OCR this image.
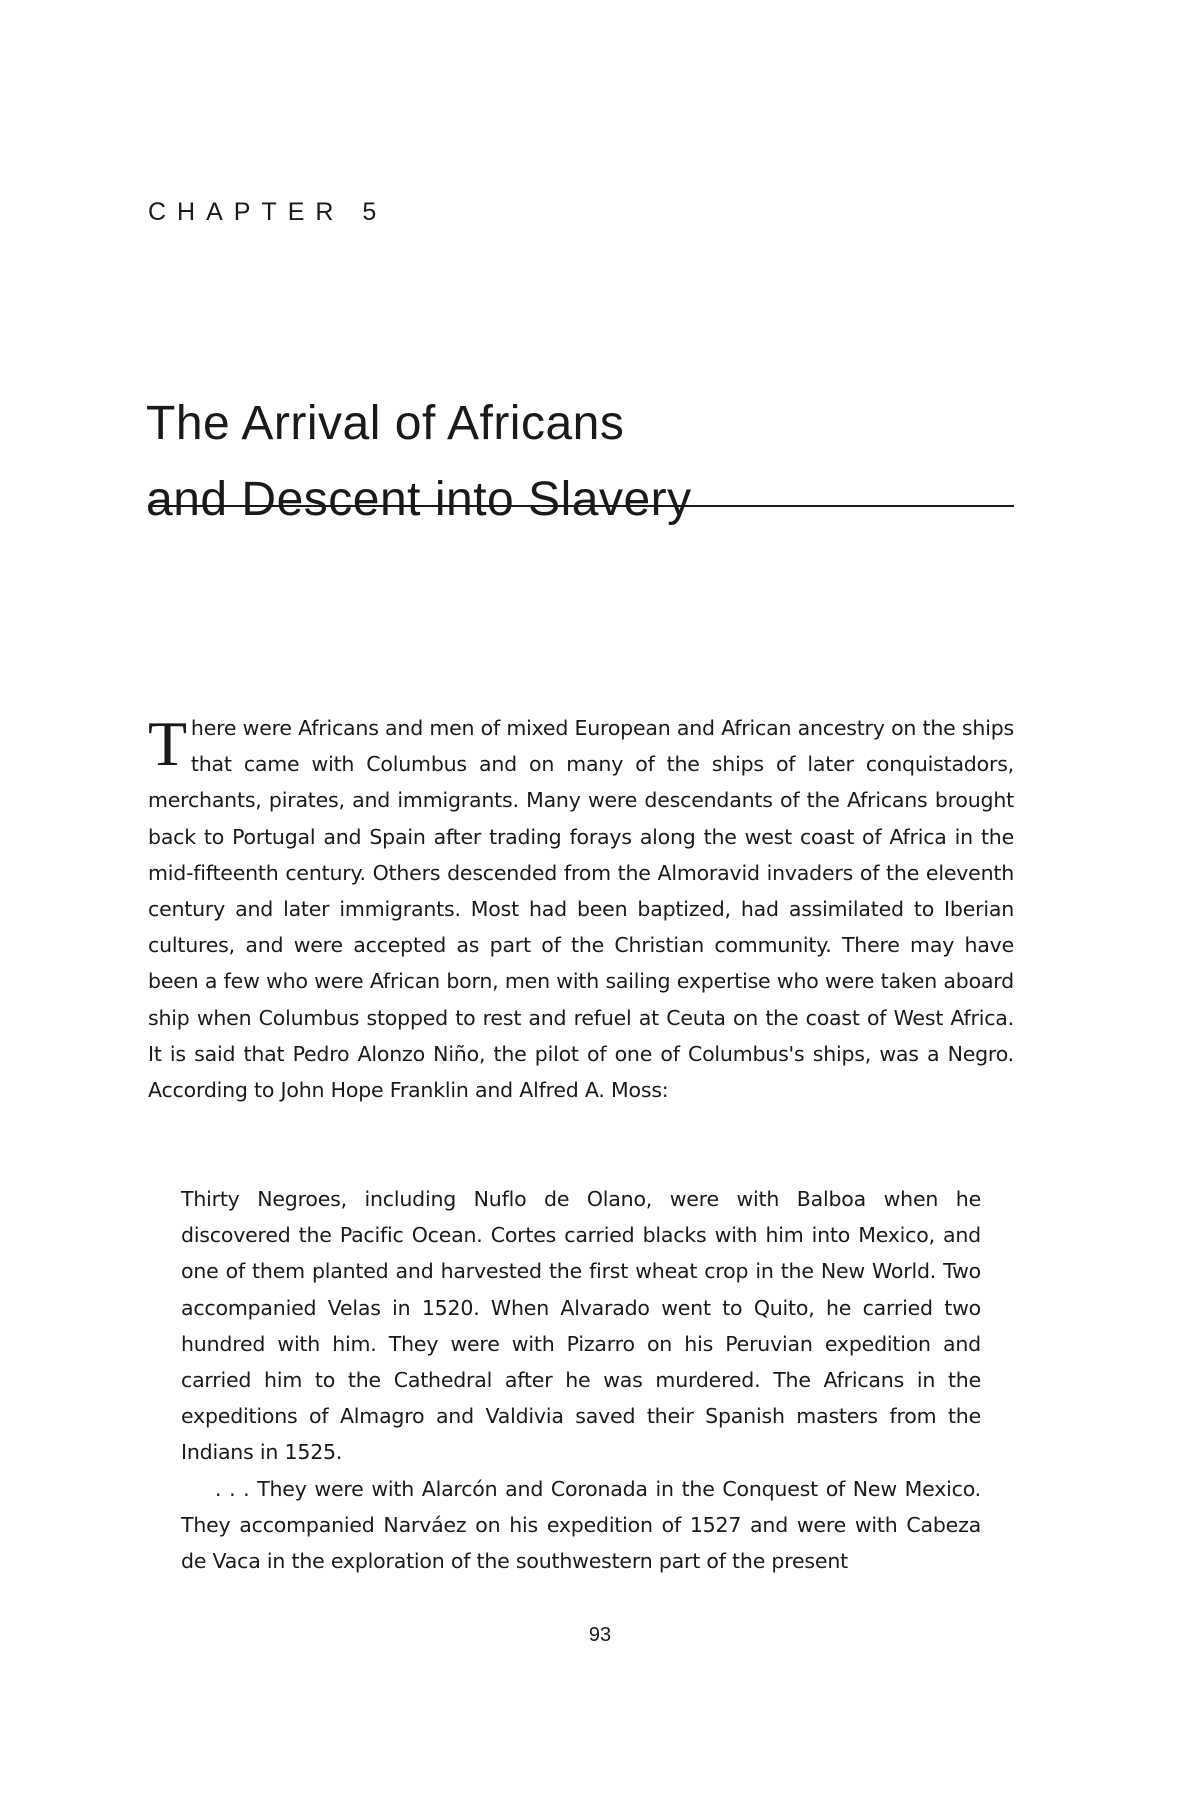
CHAPTER 5
The Arrival of Africans
and Descent into Slavery

There were Africans and men of mixed European and African ancestry on the ships that came with Columbus and on many of the ships of later conquistadors, merchants, pirates, and immigrants. Many were descendants of the Africans brought back to Portugal and Spain after trading forays along the west coast of Africa in the mid-fifteenth century. Others descended from the Almoravid invaders of the eleventh century and later immigrants. Most had been baptized, had assimilated to Iberian cultures, and were accepted as part of the Christian community. There may have been a few who were African born, men with sailing expertise who were taken aboard ship when Columbus stopped to rest and refuel at Ceuta on the coast of West Africa. It is said that Pedro Alonzo Niño, the pilot of one of Columbus's ships, was a Negro. According to John Hope Franklin and Alfred A. Moss:

Thirty Negroes, including Nuflo de Olano, were with Balboa when he discovered the Pacific Ocean. Cortes carried blacks with him into Mexico, and one of them planted and harvested the first wheat crop in the New World. Two accompanied Velas in 1520. When Alvarado went to Quito, he carried two hundred with him. They were with Pizarro on his Peruvian expedition and carried him to the Cathedral after he was murdered. The Africans in the expeditions of Almagro and Valdivia saved their Spanish masters from the Indians in 1525.

. . . They were with Alarcón and Coronada in the Conquest of New Mexico. They accompanied Narváez on his expedition of 1527 and were with Cabeza de Vaca in the exploration of the southwestern part of the present

93
